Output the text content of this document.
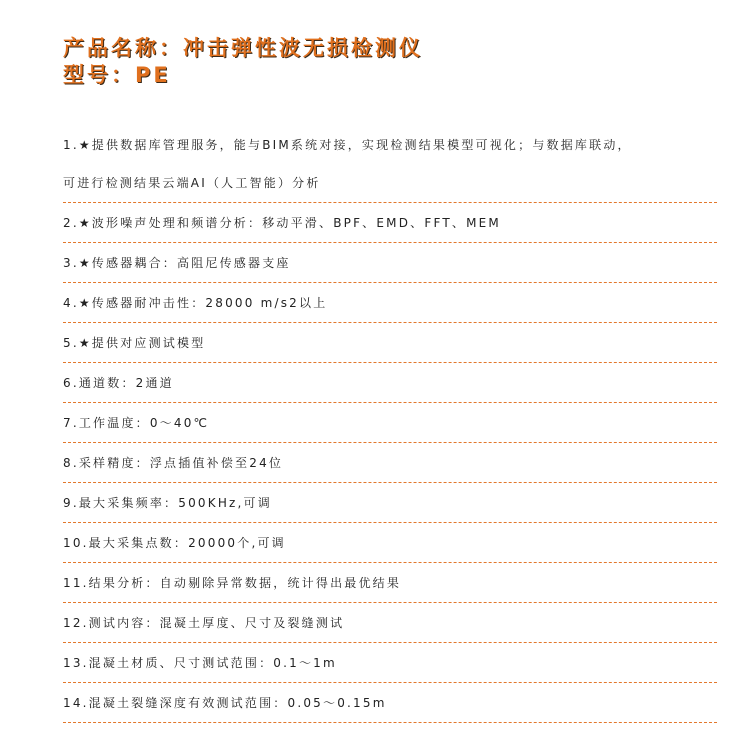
产品名称：冲击弹性波无损检测仪
型号：PE
1.★提供数据库管理服务，能与BIM系统对接，实现检测结果模型可视化；与数据库联动，
可进行检测结果云端AI（人工智能）分析
2.★波形噪声处理和频谱分析：移动平滑、BPF、EMD、FFT、MEM
3.★传感器耦合：高阻尼传感器支座
4.★传感器耐冲击性：28000 m/s2以上
5.★提供对应测试模型
6.通道数：2通道
7.工作温度：0～40℃
8.采样精度：浮点插值补偿至24位
9.最大采集频率：500KHz,可调
10.最大采集点数：20000个,可调
11.结果分析：自动剔除异常数据，统计得出最优结果
12.测试内容：混凝土厚度、尺寸及裂缝测试
13.混凝土材质、尺寸测试范围：0.1～1m
14.混凝土裂缝深度有效测试范围：0.05～0.15m
